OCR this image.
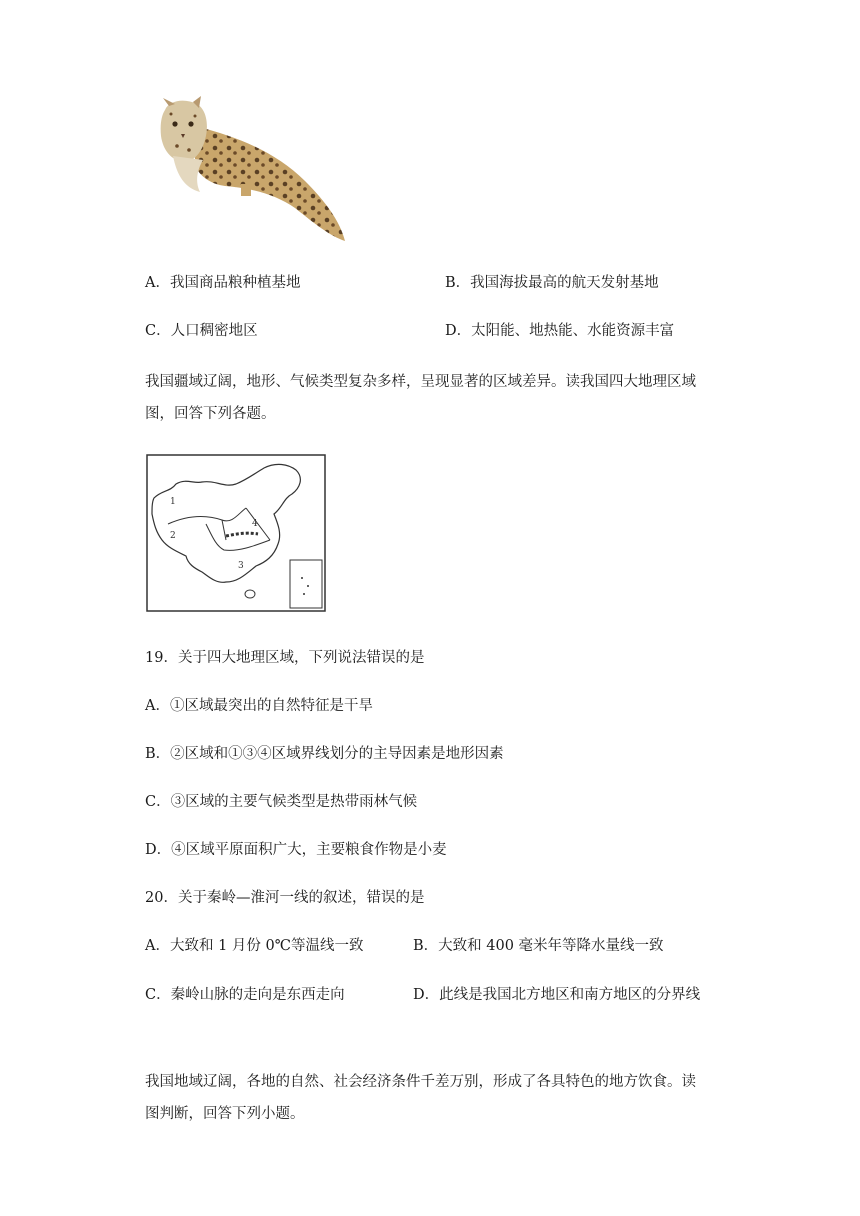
A．我国商品粮种植基地	B．我国海拔最高的航天发射基地
C．人口稠密地区	D．太阳能、地热能、水能资源丰富
我国疆域辽阔，地形、气候类型复杂多样，呈现显著的区域差异。读我国四大地理区域
图，回答下列各题。
1
2
3
4
19．关于四大地理区域，下列说法错误的是
A．①区域最突出的自然特征是干旱
B．②区域和①③④区域界线划分的主导因素是地形因素
C．③区域的主要气候类型是热带雨林气候
D．④区域平原面积广大，主要粮食作物是小麦
20．关于秦岭—淮河一线的叙述，错误的是
A．大致和 1 月份 0℃等温线一致	B．大致和 400 毫米年等降水量线一致
C．秦岭山脉的走向是东西走向	D．此线是我国北方地区和南方地区的分界线
我国地域辽阔，各地的自然、社会经济条件千差万别，形成了各具特色的地方饮食。读
图判断，回答下列小题。
